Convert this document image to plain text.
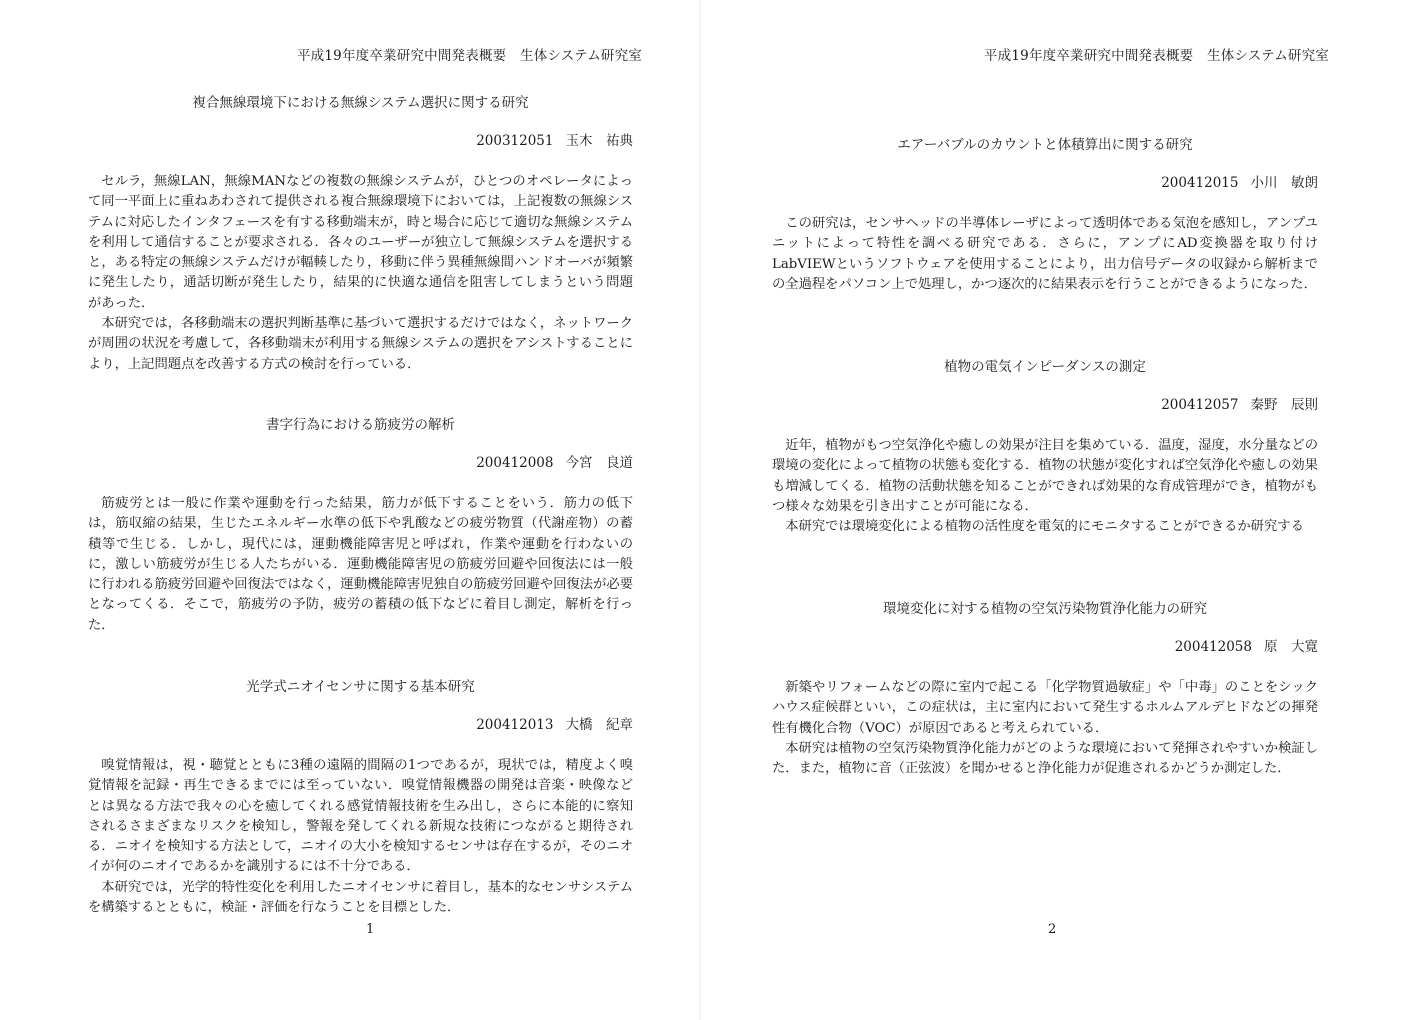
平成19年度卒業研究中間発表概要　生体システム研究室
複合無線環境下における無線システム選択に関する研究
200312051 玉木　祐典

セルラ，無線LAN，無線MANなどの複数の無線システムが，ひとつのオペレータによって同一平面上に重ねあわされて提供される複合無線環境下においては，上記複数の無線システムに対応したインタフェースを有する移動端末が，時と場合に応じて適切な無線システムを利用して通信することが要求される．各々のユーザーが独立して無線システムを選択すると，ある特定の無線システムだけが輻輳したり，移動に伴う異種無線間ハンドオーバが頻繁に発生したり，通話切断が発生したり，結果的に快適な通信を阻害してしまうという問題があった．

本研究では，各移動端末の選択判断基準に基づいて選択するだけではなく，ネットワークが周囲の状況を考慮して，各移動端末が利用する無線システムの選択をアシストすることにより，上記問題点を改善する方式の検討を行っている．

書字行為における筋疲労の解析
200412008 今宮　良道

筋疲労とは一般に作業や運動を行った結果，筋力が低下することをいう．筋力の低下は，筋収縮の結果，生じたエネルギー水準の低下や乳酸などの疲労物質（代謝産物）の蓄積等で生じる．しかし，現代には，運動機能障害児と呼ばれ，作業や運動を行わないのに，激しい筋疲労が生じる人たちがいる．運動機能障害児の筋疲労回避や回復法には一般に行われる筋疲労回避や回復法ではなく，運動機能障害児独自の筋疲労回避や回復法が必要となってくる．そこで，筋疲労の予防，疲労の蓄積の低下などに着目し測定，解析を行った．

光学式ニオイセンサに関する基本研究
200412013 大橋　紀章

嗅覚情報は，視・聴覚とともに3種の遠隔的間隔の1つであるが，現状では，精度よく嗅覚情報を記録・再生できるまでには至っていない．嗅覚情報機器の開発は音楽・映像などとは異なる方法で我々の心を癒してくれる感覚情報技術を生み出し，さらに本能的に察知されるさまざまなリスクを検知し，警報を発してくれる新規な技術につながると期待される．ニオイを検知する方法として，ニオイの大小を検知するセンサは存在するが，そのニオイが何のニオイであるかを識別するには不十分である．

本研究では，光学的特性変化を利用したニオイセンサに着目し，基本的なセンサシステムを構築するとともに，検証・評価を行なうことを目標とした．

1
平成19年度卒業研究中間発表概要　生体システム研究室
エアーバブルのカウントと体積算出に関する研究
200412015 小川　敏朗

この研究は，センサヘッドの半導体レーザによって透明体である気泡を感知し，アンプユニットによって特性を調べる研究である．さらに，アンプにAD変換器を取り付けLabVIEWというソフトウェアを使用することにより，出力信号データの収録から解析までの全過程をパソコン上で処理し，かつ逐次的に結果表示を行うことができるようになった．

植物の電気インピーダンスの測定
200412057 秦野　辰則

近年，植物がもつ空気浄化や癒しの効果が注目を集めている．温度，湿度，水分量などの環境の変化によって植物の状態も変化する．植物の状態が変化すれば空気浄化や癒しの効果も増減してくる．植物の活動状態を知ることができれば効果的な育成管理ができ，植物がもつ様々な効果を引き出すことが可能になる．

本研究では環境変化による植物の活性度を電気的にモニタすることができるか研究する

環境変化に対する植物の空気汚染物質浄化能力の研究
200412058 原　大寛

新築やリフォームなどの際に室内で起こる「化学物質過敏症」や「中毒」のことをシックハウス症候群といい，この症状は，主に室内において発生するホルムアルデヒドなどの揮発性有機化合物（VOC）が原因であると考えられている．

本研究は植物の空気汚染物質浄化能力がどのような環境において発揮されやすいか検証した．また，植物に音（正弦波）を聞かせると浄化能力が促進されるかどうか測定した．

2
